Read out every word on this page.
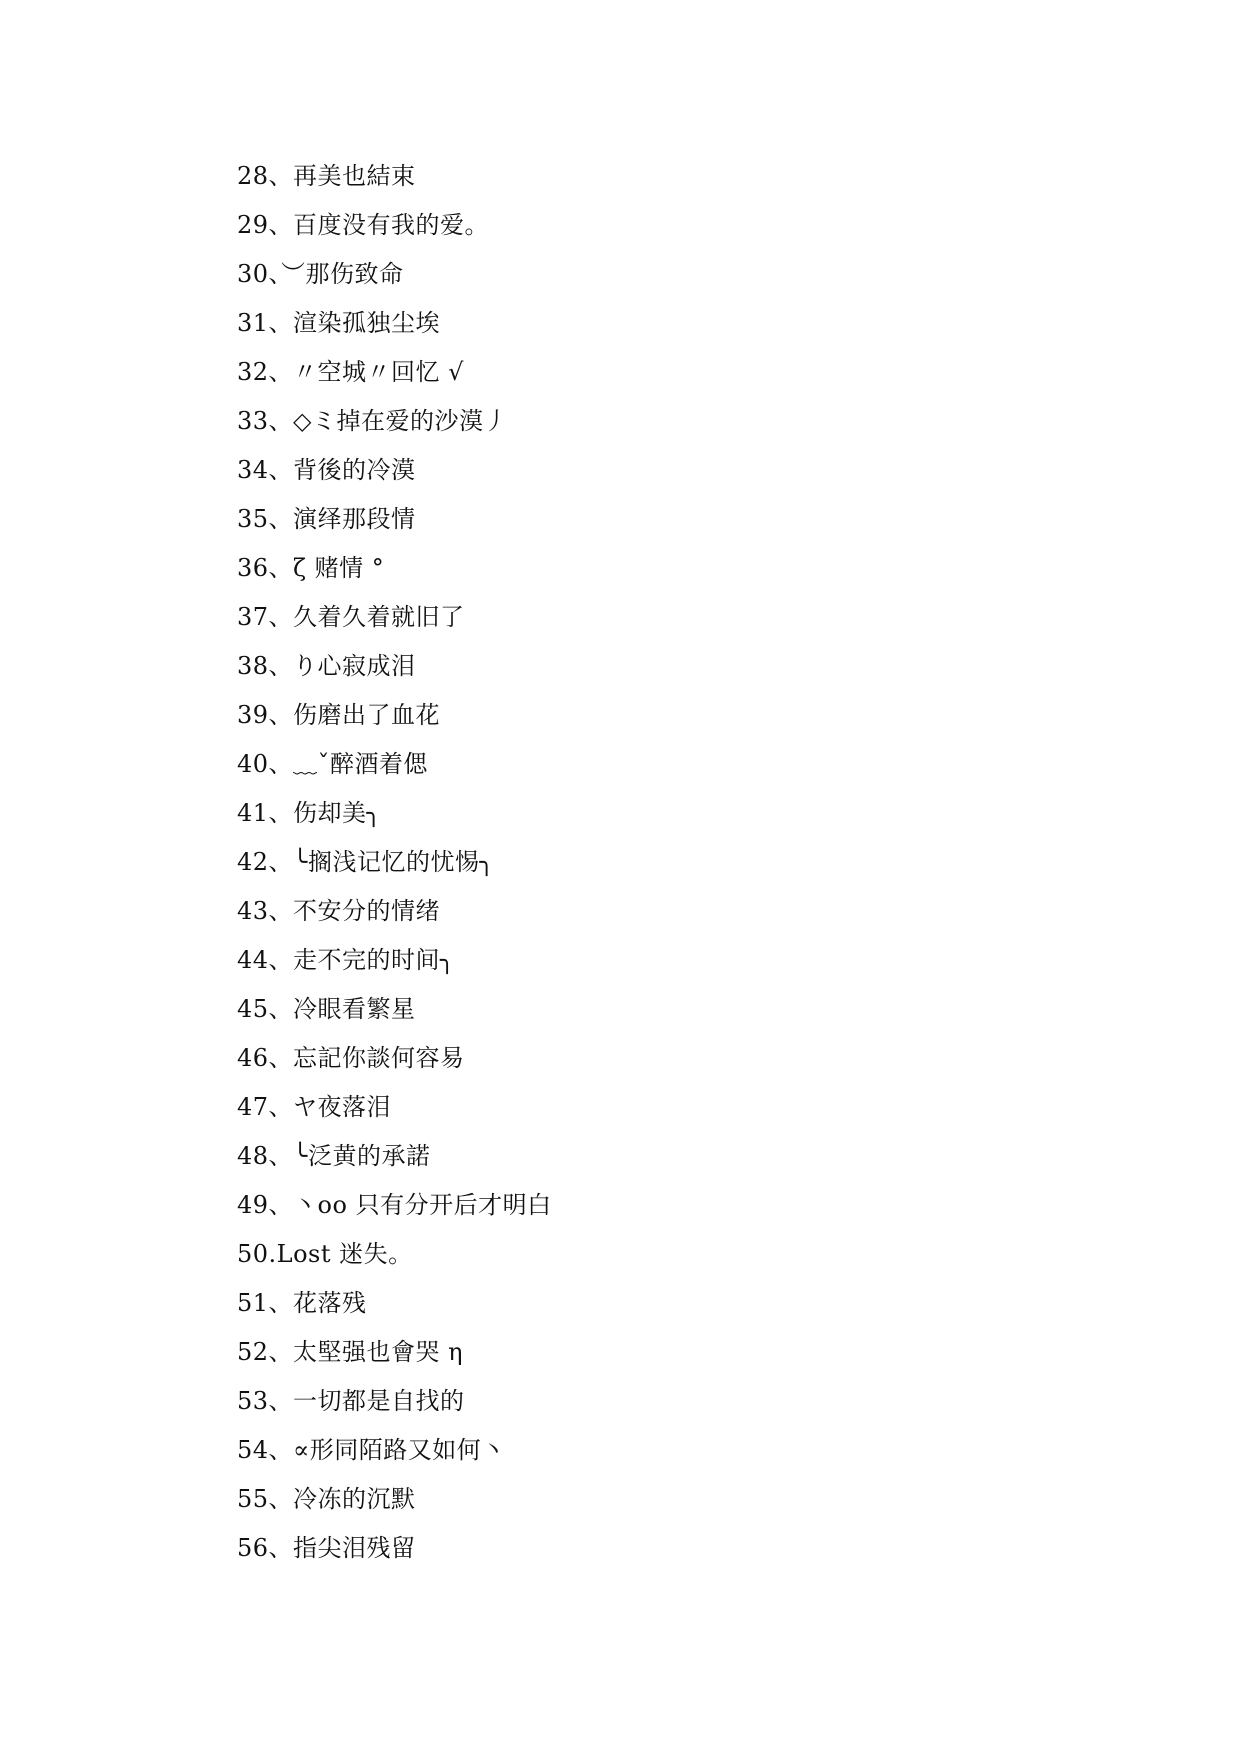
28、再美也結束
29、百度没有我的爱。
30、︶那伤致命
31、渲染孤独尘埃
32、〃空城〃回忆 √
33、◇ミ掉在爱的沙漠丿
34、背後的冷漠
35、演绎那段情
36、ζ 赌情 °
37、久着久着就旧了
38、り心寂成泪
39、伤磨出了血花
40、﹏ˇ醉酒着偲
41、伤却美╮
42、╰搁浅记忆的忧惕╮
43、不安分的情绪
44、走不完的时间╮
45、冷眼看繁星
46、忘記你談何容易
47、ヤ夜落泪
48、╰泛黄的承諾
49、丶oo 只有分开后才明白
50.Lost 迷失。
51、花落残
52、太堅强也會哭 η
53、一切都是自找的
54、∝形同陌路又如何丶
55、冷冻的沉默
56、指尖泪残留
